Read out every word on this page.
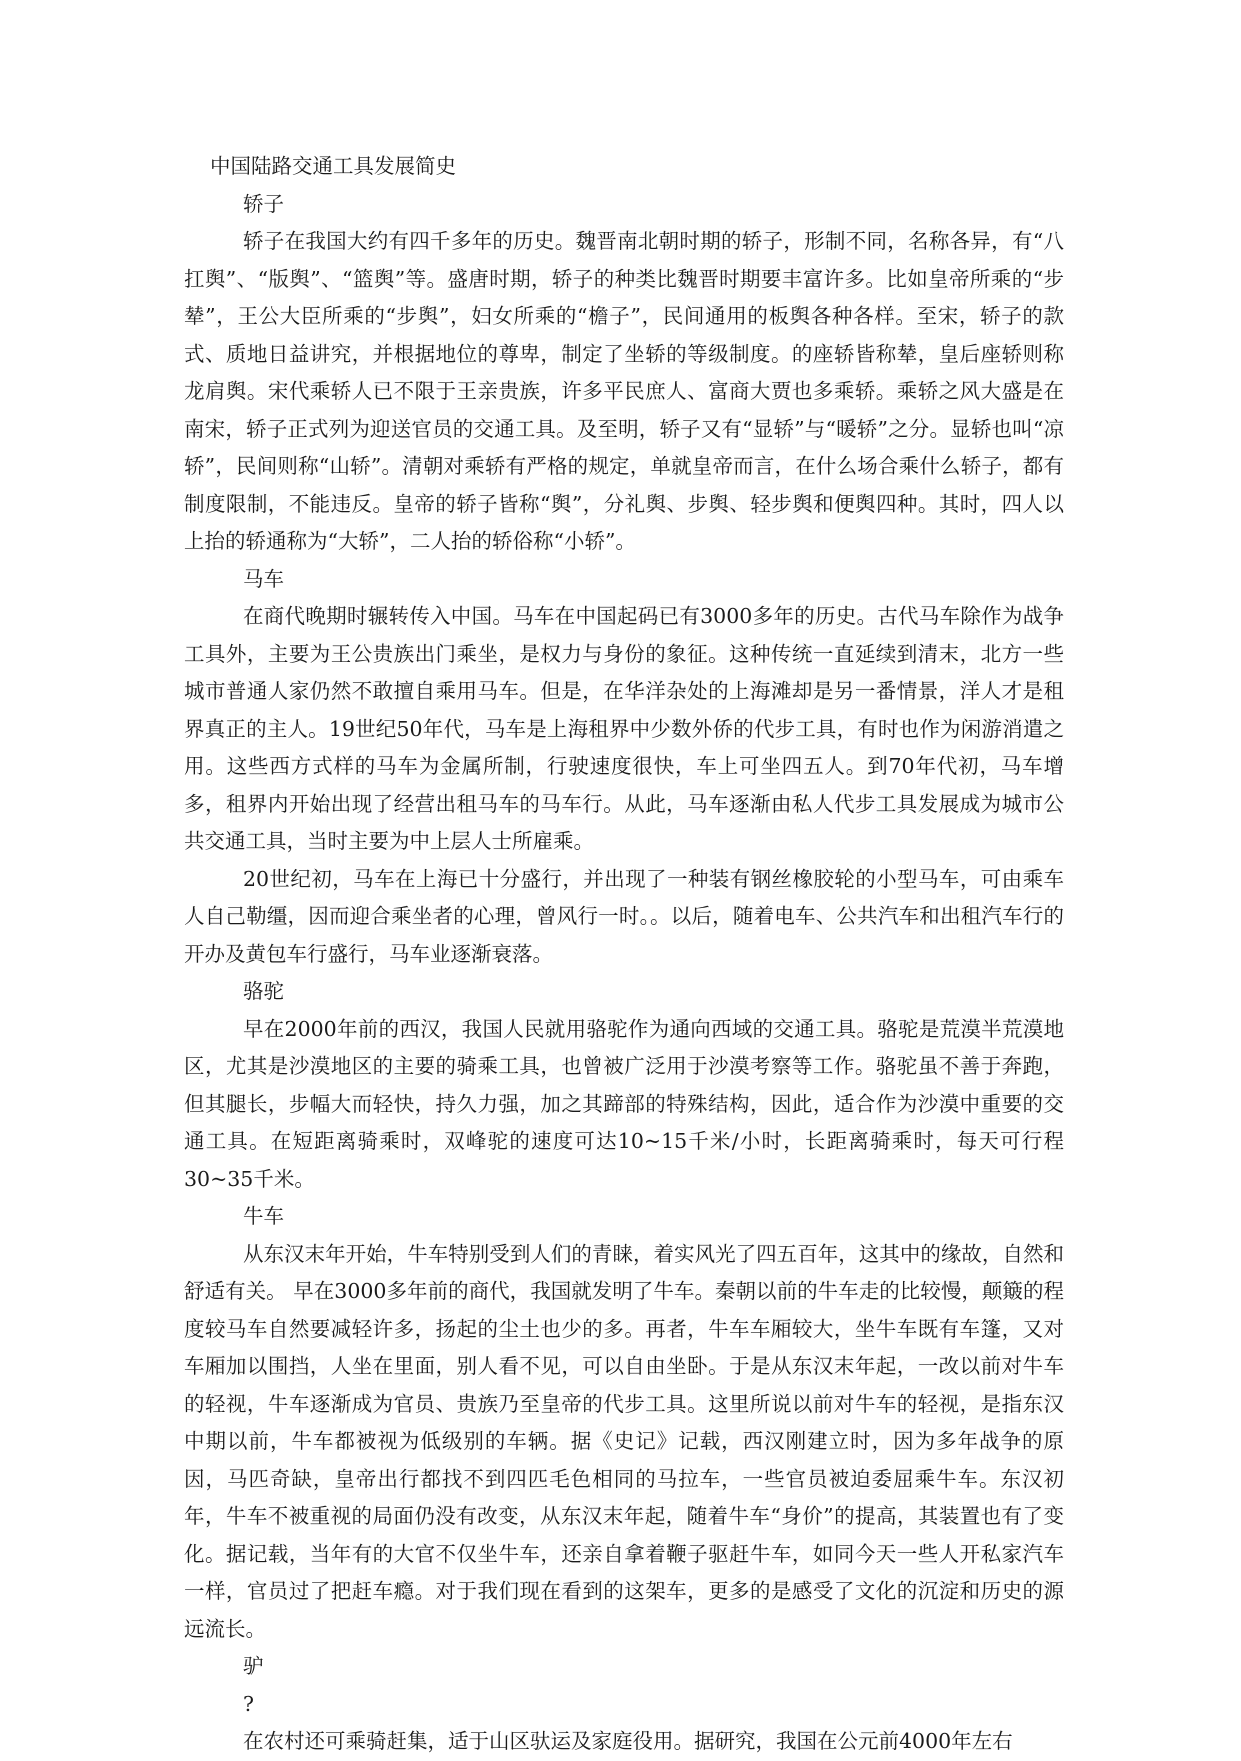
中国陆路交通工具发展简史
轿子

轿子在我国大约有四千多年的历史。魏晋南北朝时期的轿子，形制不同，名称各异，有“八扛舆”、“版舆”、“篮舆”等。盛唐时期，轿子的种类比魏晋时期要丰富许多。比如皇帝所乘的“步辇”，王公大臣所乘的“步舆”，妇女所乘的“檐子”，民间通用的板舆各种各样。至宋，轿子的款式、质地日益讲究，并根据地位的尊卑，制定了坐轿的等级制度。的座轿皆称辇，皇后座轿则称龙肩舆。宋代乘轿人已不限于王亲贵族，许多平民庶人、富商大贾也多乘轿。乘轿之风大盛是在南宋，轿子正式列为迎送官员的交通工具。及至明，轿子又有“显轿”与“暖轿”之分。显轿也叫“凉轿”，民间则称“山轿”。清朝对乘轿有严格的规定，单就皇帝而言，在什么场合乘什么轿子，都有制度限制，不能违反。皇帝的轿子皆称“舆”，分礼舆、步舆、轻步舆和便舆四种。其时，四人以上抬的轿通称为“大轿”，二人抬的轿俗称“小轿”。

马车

在商代晚期时辗转传入中国。马车在中国起码已有3000多年的历史。古代马车除作为战争工具外，主要为王公贵族出门乘坐，是权力与身份的象征。这种传统一直延续到清末，北方一些城市普通人家仍然不敢擅自乘用马车。但是，在华洋杂处的上海滩却是另一番情景，洋人才是租界真正的主人。19世纪50年代，马车是上海租界中少数外侨的代步工具，有时也作为闲游消遣之用。这些西方式样的马车为金属所制，行驶速度很快，车上可坐四五人。到70年代初，马车增多，租界内开始出现了经营出租马车的马车行。从此，马车逐渐由私人代步工具发展成为城市公共交通工具，当时主要为中上层人士所雇乘。

20世纪初，马车在上海已十分盛行，并出现了一种装有钢丝橡胶轮的小型马车，可由乘车人自己勒缰，因而迎合乘坐者的心理，曾风行一时。。以后，随着电车、公共汽车和出租汽车行的开办及黄包车行盛行，马车业逐渐衰落。

骆驼

早在2000年前的西汉，我国人民就用骆驼作为通向西域的交通工具。骆驼是荒漠半荒漠地区，尤其是沙漠地区的主要的骑乘工具，也曾被广泛用于沙漠考察等工作。骆驼虽不善于奔跑，但其腿长，步幅大而轻快，持久力强，加之其蹄部的特殊结构，因此，适合作为沙漠中重要的交通工具。在短距离骑乘时，双峰驼的速度可达10~15千米/小时，长距离骑乘时，每天可行程30~35千米。

牛车

从东汉末年开始，牛车特别受到人们的青睐，着实风光了四五百年，这其中的缘故，自然和舒适有关。 早在3000多年前的商代，我国就发明了牛车。秦朝以前的牛车走的比较慢，颠簸的程度较马车自然要减轻许多，扬起的尘土也少的多。再者，牛车车厢较大，坐牛车既有车篷，又对车厢加以围挡，人坐在里面，别人看不见，可以自由坐卧。于是从东汉末年起，一改以前对牛车的轻视，牛车逐渐成为官员、贵族乃至皇帝的代步工具。这里所说以前对牛车的轻视，是指东汉中期以前，牛车都被视为低级别的车辆。据《史记》记载，西汉刚建立时，因为多年战争的原因，马匹奇缺，皇帝出行都找不到四匹毛色相同的马拉车，一些官员被迫委屈乘牛车。东汉初年，牛车不被重视的局面仍没有改变，从东汉末年起，随着牛车“身价”的提高，其装置也有了变化。据记载，当年有的大官不仅坐牛车，还亲自拿着鞭子驱赶牛车，如同今天一些人开私家汽车一样，官员过了把赶车瘾。对于我们现在看到的这架车，更多的是感受了文化的沉淀和历史的源远流长。

驴
?

在农村还可乘骑赶集，适于山区驮运及家庭役用。据研究，我国在公元前4000年左右
